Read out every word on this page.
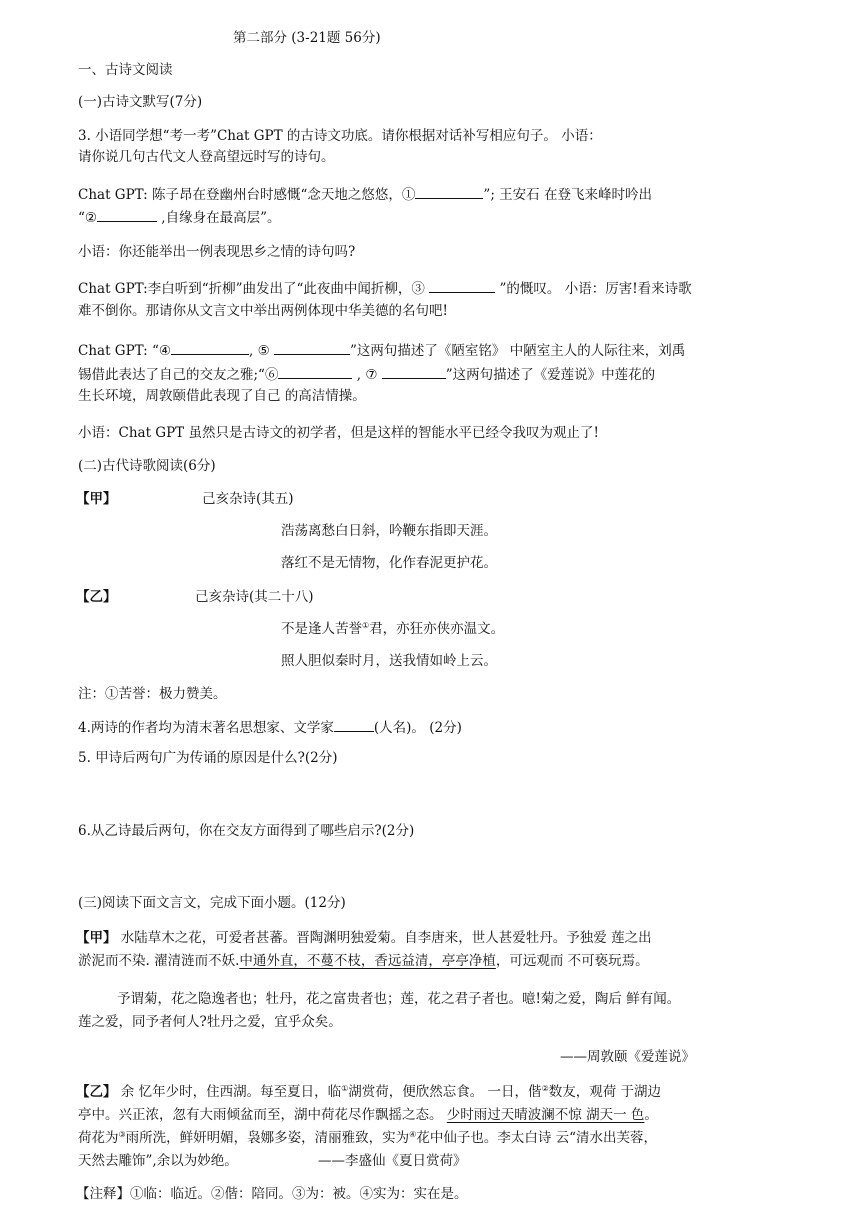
第二部分 (3-21题 56分)
一、古诗文阅读
(一)古诗文默写(7分)
3. 小语同学想“考一考”Chat GPT 的古诗文功底。请你根据对话补写相应句子。 小语：
请你说几句古代文人登高望远时写的诗句。
Chat GPT: 陈子昂在登幽州台时感慨“念天地之悠悠，①	”; 王安石 在登飞来峰时吟出
“②	,自缘身在最高层”。
小语：你还能举出一例表现思乡之情的诗句吗?
Chat GPT:李白听到“折柳”曲发出了“此夜曲中闻折柳，③	”的慨叹。 小语：厉害!看来诗歌
难不倒你。那请你从文言文中举出两例体现中华美德的名句吧!
Chat GPT: “④	, ⑤	”这两句描述了《陋室铭》 中陋室主人的人际往来，刘禹
锡借此表达了自己的交友之雅;“⑥	, ⑦	”这两句描述了《爱莲说》中莲花的
生长环境，周敦颐借此表现了自己 的高洁情操。
小语：Chat GPT 虽然只是古诗文的初学者，但是这样的智能水平已经令我叹为观止了!
(二)古代诗歌阅读(6分)
【甲】	己亥杂诗(其五)
浩荡离愁白日斜，吟鞭东指即天涯。
落红不是无情物，化作春泥更护花。
【乙】	己亥杂诗(其二十八)
不是逢人苦誉①君，亦狂亦侠亦温文。
照人胆似秦时月，送我情如岭上云。
注：①苦誉：极力赞美。
4.两诗的作者均为清末著名思想家、文学家	(人名)。 (2分)
5. 甲诗后两句广为传诵的原因是什么?(2分)
6.从乙诗最后两句，你在交友方面得到了哪些启示?(2分)
(三)阅读下面文言文，完成下面小题。(12分)
【甲】 水陆草木之花，可爱者甚蕃。晋陶渊明独爱菊。自李唐来，世人甚爱牡丹。予独爱 莲之出
淤泥而不染. 濯清涟而不妖.中通外直，不蔓不枝，香远益清，亭亭净植，可远观而 不可亵玩焉。
予谓菊，花之隐逸者也；牡丹，花之富贵者也；莲，花之君子者也。噫!菊之爱，陶后 鲜有闻。
莲之爱，同予者何人?牡丹之爱，宜乎众矣。
——周敦颐《爱莲说》
【乙】 余 忆年少时，住西湖。每至夏日，临①湖赏荷，便欣然忘食。 一日，偕②数友，观荷 于湖边
亭中。兴正浓，忽有大雨倾盆而至，湖中荷花尽作飘摇之态。 少时雨过天晴波澜不惊 湖天一 色。
荷花为③雨所洗，鲜妍明媚，袅娜多姿，清丽雅致，实为④花中仙子也。李太白诗 云“清水出芙蓉，
天然去雕饰”,余以为妙绝。	——李盛仙《夏日赏荷》
【注释】①临：临近。②偕：陪同。③为：被。④实为：实在是。
